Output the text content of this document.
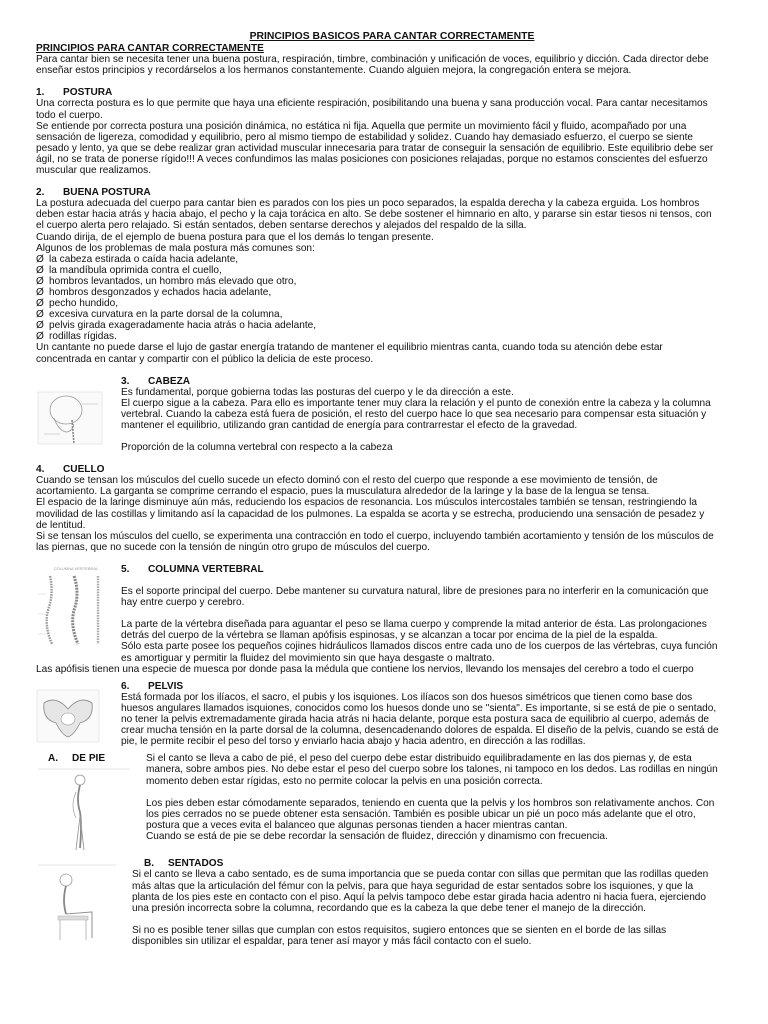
PRINCIPIOS BASICOS PARA CANTAR CORRECTAMENTE

PRINCIPIOS PARA CANTAR CORRECTAMENTE

Para cantar bien se necesita tener una buena postura, respiración, timbre, combinación y unificación de voces, equilibrio y dicción. Cada director debe

enseñar estos principios y recordárselos a los hermanos constantemente. Cuando alguien mejora, la congregación entera se mejora.

1. POSTURA

Una correcta postura es lo que permite que haya una eficiente respiración, posibilitando una buena y sana producción vocal. Para cantar necesitamos

todo el cuerpo.

Se entiende por correcta postura una posición dinámica, no estática ni fija. Aquella que permite un movimiento fácil y fluido, acompañado por una

sensación de ligereza, comodidad y equilibrio, pero al mismo tiempo de estabilidad y solidez. Cuando hay demasiado esfuerzo, el cuerpo se siente

pesado y lento, ya que se debe realizar gran actividad muscular innecesaria para tratar de conseguir la sensación de equilibrio. Este equilibrio debe ser

ágil, no se trata de ponerse rígido!!! A veces confundimos las malas posiciones con posiciones relajadas, porque no estamos conscientes del esfuerzo

muscular que realizamos.

2. BUENA POSTURA

La postura adecuada del cuerpo para cantar bien es parados con los pies un poco separados, la espalda derecha y la cabeza erguida. Los hombros

deben estar hacia atrás y hacia abajo, el pecho y la caja torácica en alto. Se debe sostener el himnario en alto, y pararse sin estar tiesos ni tensos, con

el cuerpo alerta pero relajado. Si están sentados, deben sentarse derechos y alejados del respaldo de la silla.

Cuando dirija, de el ejemplo de buena postura para que el los demás lo tengan presente.

Algunos de los problemas de mala postura más comunes son:

Ø la cabeza estirada o caída hacia adelante,

Ø la mandíbula oprimida contra el cuello,

Ø hombros levantados, un hombro más elevado que otro,

Ø hombros desgonzados y echados hacia adelante,

Ø pecho hundido,

Ø excesiva curvatura en la parte dorsal de la columna,

Ø pelvis girada exageradamente hacia atrás o hacia adelante,

Ø rodillas rígidas.

Un cantante no puede darse el lujo de gastar energía tratando de mantener el equilibrio mientras canta, cuando toda su atención debe estar

concentrada en cantar y compartir con el público la delicia de este proceso.

3. CABEZA

Es fundamental, porque gobierna todas las posturas del cuerpo y le da dirección a este.

El cuerpo sigue a la cabeza. Para ello es importante tener muy clara la relación y el punto de conexión entre la cabeza y la columna

vertebral. Cuando la cabeza está fuera de posición, el resto del cuerpo hace lo que sea necesario para compensar esta situación y

mantener el equilibrio, utilizando gran cantidad de energía para contrarrestar el efecto de la gravedad.

Proporción de la columna vertebral con respecto a la cabeza

4. CUELLO

Cuando se tensan los músculos del cuello sucede un efecto dominó con el resto del cuerpo que responde a ese movimiento de tensión, de

acortamiento. La garganta se comprime cerrando el espacio, pues la musculatura alrededor de la laringe y la base de la lengua se tensa.

El espacio de la laringe disminuye aún más, reduciendo los espacios de resonancia. Los músculos intercostales también se tensan, restringiendo la

movilidad de las costillas y limitando así la capacidad de los pulmones. La espalda se acorta y se estrecha, produciendo una sensación de pesadez y

de lentitud.

Si se tensan los músculos del cuello, se experimenta una contracción en todo el cuerpo, incluyendo también acortamiento y tensión de los músculos de

las piernas, que no sucede con la tensión de ningún otro grupo de músculos del cuerpo.

COLUMNA VERTEBRAL 5. COLUMNA VERTEBRAL

Es el soporte principal del cuerpo. Debe mantener su curvatura natural, libre de presiones para no interferir en la comunicación que

hay entre cuerpo y cerebro.

La parte de la vértebra diseñada para aguantar el peso se llama cuerpo y comprende la mitad anterior de ésta. Las prolongaciones

detrás del cuerpo de la vértebra se llaman apófisis espinosas, y se alcanzan a tocar por encima de la piel de la espalda.

Sólo esta parte posee los pequeños cojines hidráulicos llamados discos entre cada uno de los cuerpos de las vértebras, cuya función

es amortiguar y permitir la fluidez del movimiento sin que haya desgaste o maltrato.

Las apófisis tienen una especie de muesca por donde pasa la médula que contiene los nervios, llevando los mensajes del cerebro a todo el cuerpo

6. PELVIS

Está formada por los ilíacos, el sacro, el pubis y los isquiones. Los ilíacos son dos huesos simétricos que tienen como base dos

huesos angulares llamados isquiones, conocidos como los huesos donde uno se "sienta". Es importante, si se está de pie o sentado,

no tener la pelvis extremadamente girada hacia atrás ni hacia delante, porque esta postura saca de equilibrio al cuerpo, además de

crear mucha tensión en la parte dorsal de la columna, desencadenando dolores de espalda. El diseño de la pelvis, cuando se está de

pie, le permite recibir el peso del torso y enviarlo hacia abajo y hacia adentro, en dirección a las rodillas.

A. DE PIE	Si el canto se lleva a cabo de pié, el peso del cuerpo debe estar distribuido equilibradamente en las dos piernas y, de esta

manera, sobre ambos pies. No debe estar el peso del cuerpo sobre los talones, ni tampoco en los dedos. Las rodillas en ningún

momento deben estar rígidas, esto no permite colocar la pelvis en una posición correcta.

Los pies deben estar cómodamente separados, teniendo en cuenta que la pelvis y los hombros son relativamente anchos. Con

los pies cerrados no se puede obtener esta sensación. También es posible ubicar un pié un poco más adelante que el otro,

postura que a veces evita el balanceo que algunas personas tienden a hacer mientras cantan.

Cuando se está de pie se debe recordar la sensación de fluidez, dirección y dinamismo con frecuencia.

B. SENTADOS

Si el canto se lleva a cabo sentado, es de suma importancia que se pueda contar con sillas que permitan que las rodillas queden

más altas que la articulación del fémur con la pelvis, para que haya seguridad de estar sentados sobre los isquiones, y que la

planta de los pies este en contacto con el piso. Aquí la pelvis tampoco debe estar girada hacia adentro ni hacia fuera, ejerciendo

una presión incorrecta sobre la columna, recordando que es la cabeza la que debe tener el manejo de la dirección.

Si no es posible tener sillas que cumplan con estos requisitos, sugiero entonces que se sienten en el borde de las sillas

disponibles sin utilizar el espaldar, para tener así mayor y más fácil contacto con el suelo.
